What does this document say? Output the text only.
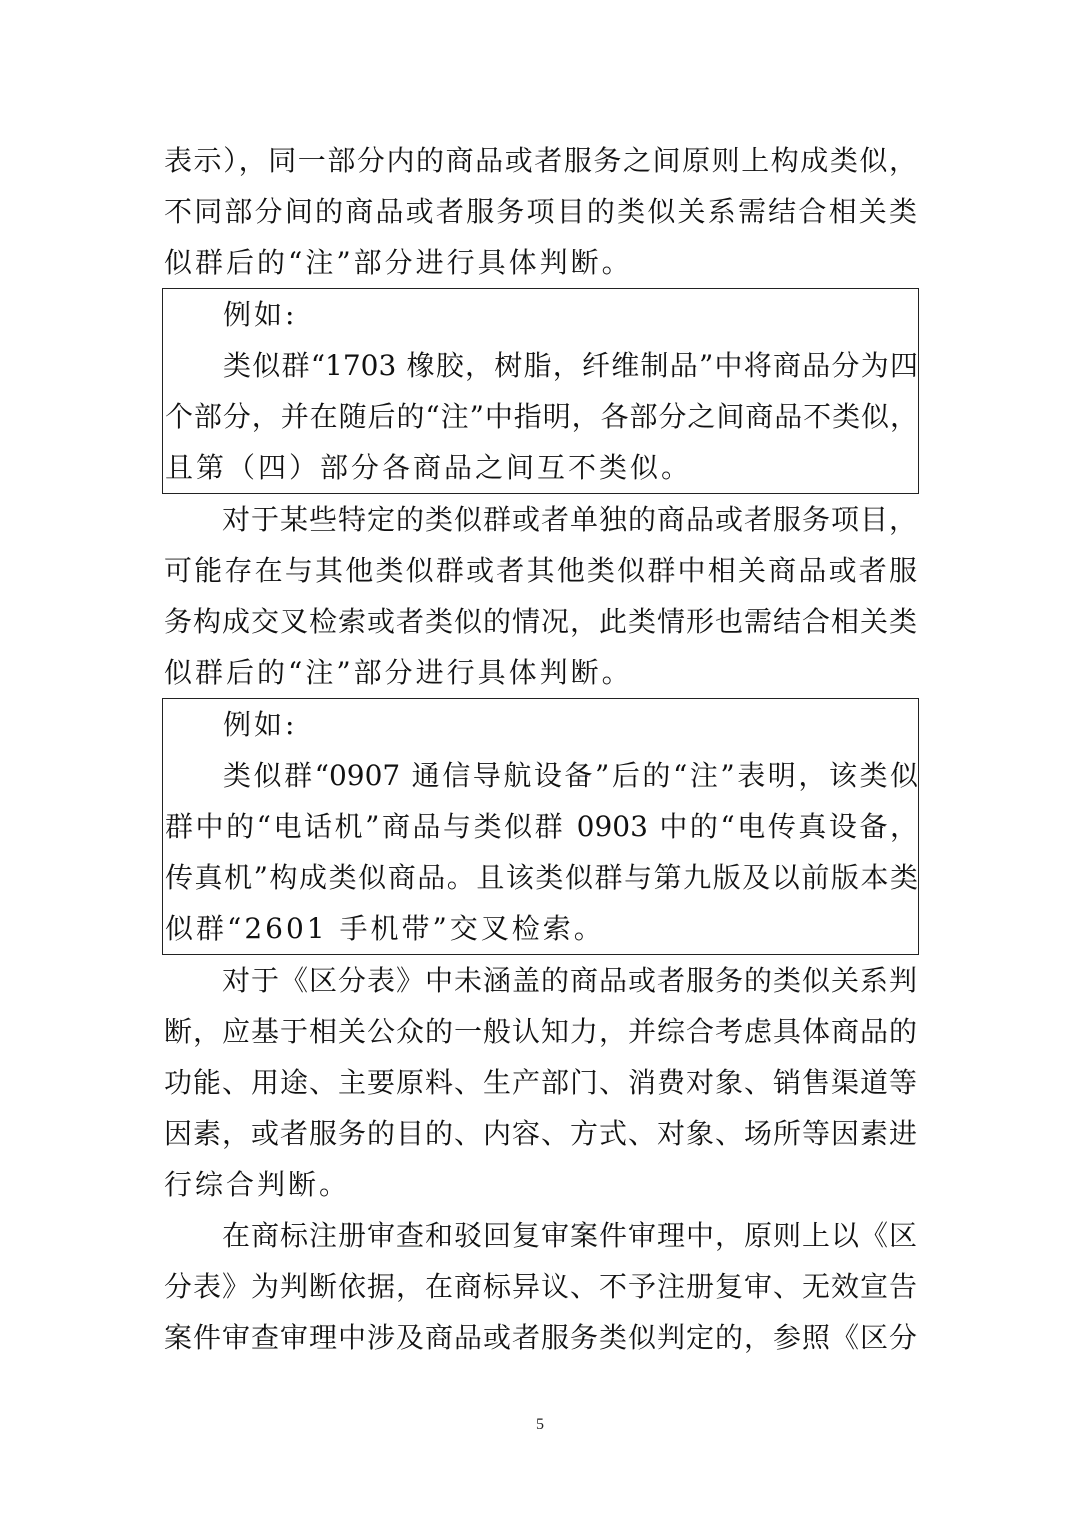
表示），同一部分内的商品或者服务之间原则上构成类似，
不同部分间的商品或者服务项目的类似关系需结合相关类
似群后的“注”部分进行具体判断。
例如:
类似群“1703 橡胶，树脂，纤维制品”中将商品分为四
个部分，并在随后的“注”中指明，各部分之间商品不类似，
且第（四）部分各商品之间互不类似。
对于某些特定的类似群或者单独的商品或者服务项目，
可能存在与其他类似群或者其他类似群中相关商品或者服
务构成交叉检索或者类似的情况，此类情形也需结合相关类
似群后的“注”部分进行具体判断。
例如:
类似群“0907 通信导航设备”后的“注”表明，该类似
群中的“电话机”商品与类似群 0903 中的“电传真设备，
传真机”构成类似商品。且该类似群与第九版及以前版本类
似群“2601 手机带”交叉检索。
对于《区分表》中未涵盖的商品或者服务的类似关系判
断，应基于相关公众的一般认知力，并综合考虑具体商品的
功能、用途、主要原料、生产部门、消费对象、销售渠道等
因素，或者服务的目的、内容、方式、对象、场所等因素进
行综合判断。
在商标注册审查和驳回复审案件审理中，原则上以《区
分表》为判断依据，在商标异议、不予注册复审、无效宣告
案件审查审理中涉及商品或者服务类似判定的，参照《区分
5
